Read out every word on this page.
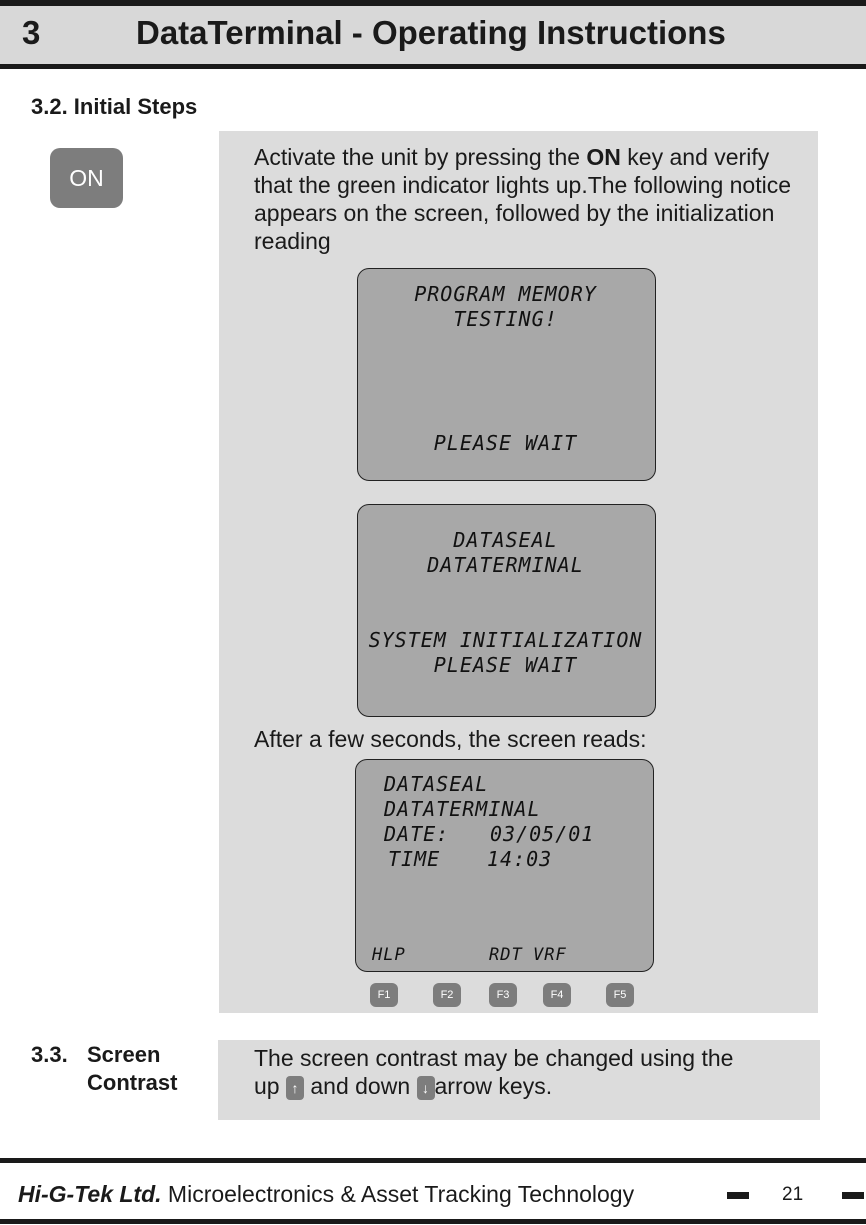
3	DataTerminal - Operating Instructions
3.2. Initial Steps
ON
Activate the unit by pressing the ON key and verify that the green indicator lights up.The following notice appears on the screen, followed by the initialization reading
PROGRAM MEMORY
TESTING!
PLEASE WAIT
DATASEAL
DATATERMINAL
SYSTEM INITIALIZATION
PLEASE WAIT
After a few seconds, the screen reads:
DATASEAL
DATATERMINAL
DATE: 03/05/01
TIME 14:03
HLP	RDT VRF
F1	F2	F3	F4	F5
3.3. Screen
Contrast
The screen contrast may be changed using the
up ↑ and down ↓ arrow keys.
Hi-G-Tek Ltd. Microelectronics & Asset Tracking Technology	21
